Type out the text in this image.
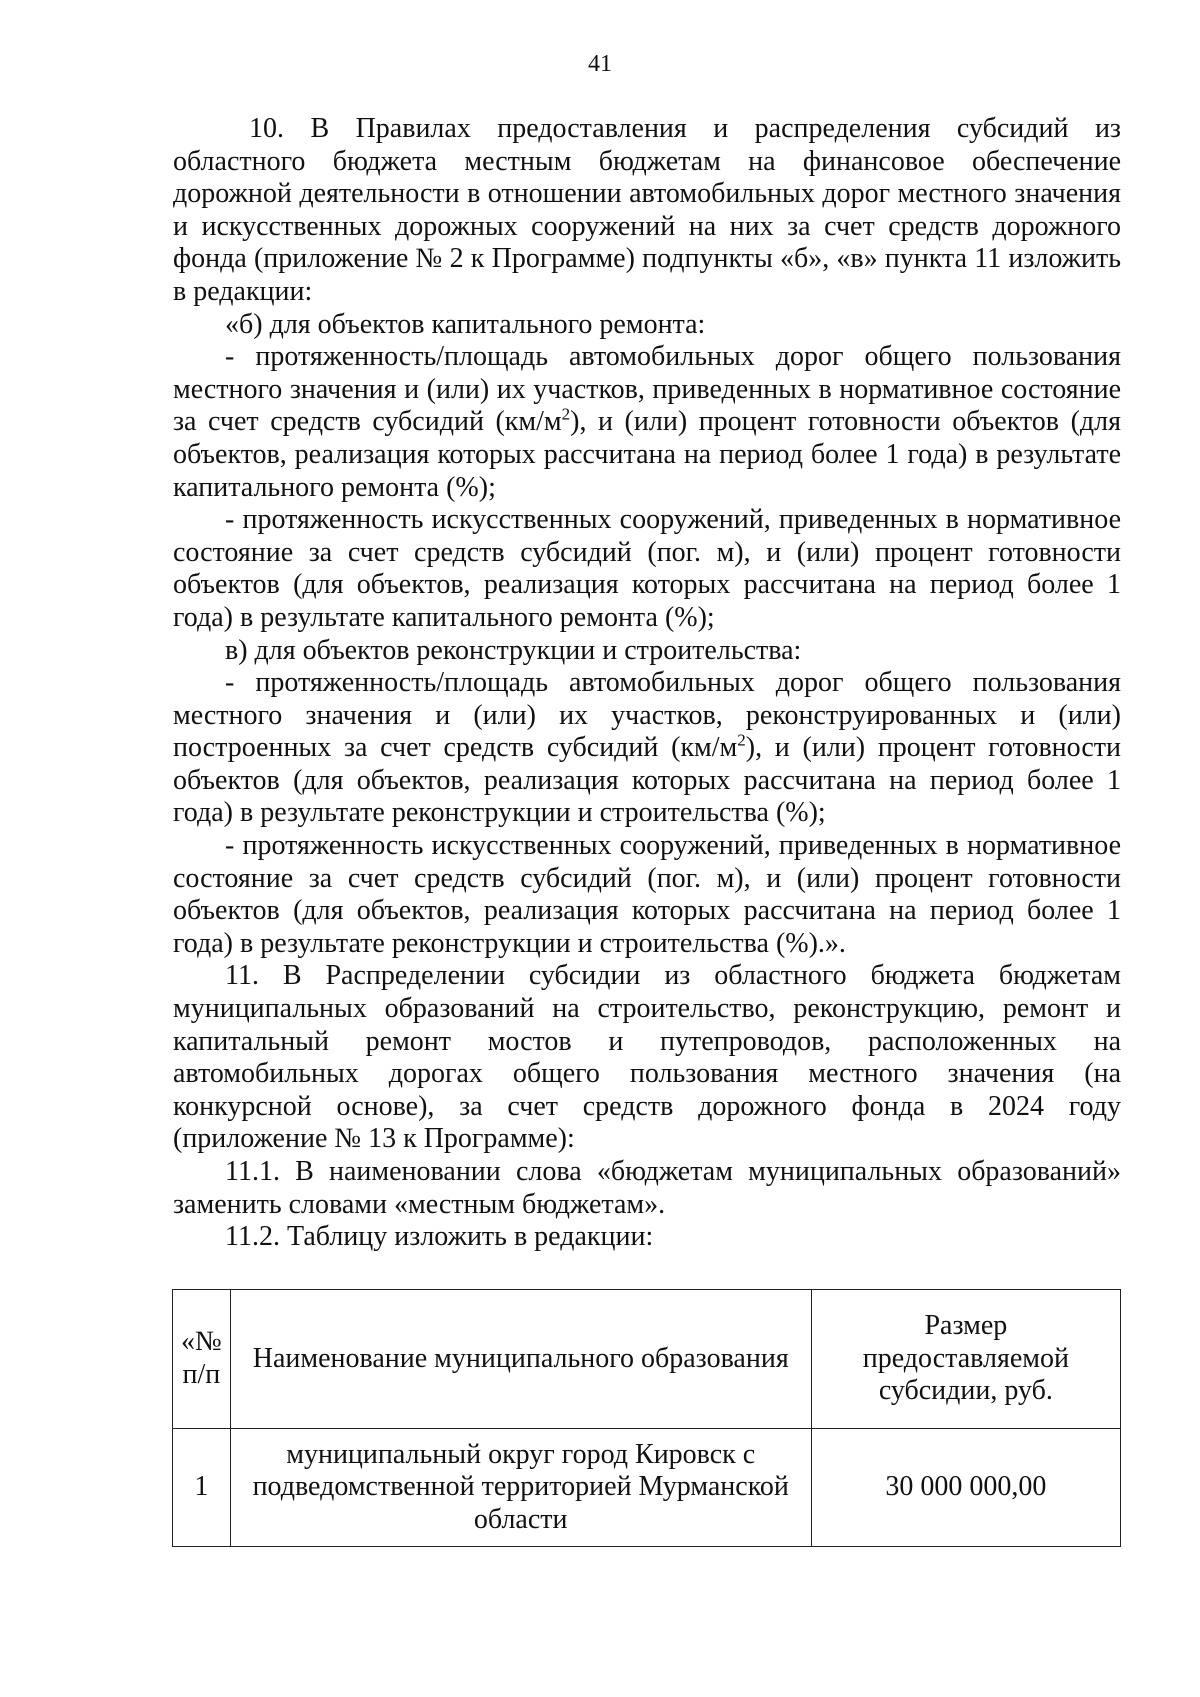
41

10. В Правилах предоставления и распределения субсидий из областного бюджета местным бюджетам на финансовое обеспечение дорожной деятельности в отношении автомобильных дорог местного значения и искусственных дорожных сооружений на них за счет средств дорожного фонда (приложение № 2 к Программе) подпункты «б», «в» пункта 11 изложить в редакции:

«б) для объектов капитального ремонта:

- протяженность/площадь автомобильных дорог общего пользования местного значения и (или) их участков, приведенных в нормативное состояние за счет средств субсидий $(км/м^2)$, и (или) процент готовности объектов (для объектов, реализация которых рассчитана на период более 1 года) в результате капитального ремонта (%);

- протяженность искусственных сооружений, приведенных в нормативное состояние за счет средств субсидий (пог. м), и (или) процент готовности объектов (для объектов, реализация которых рассчитана на период более 1 года) в результате капитального ремонта (%);

в) для объектов реконструкции и строительства:

- протяженность/площадь автомобильных дорог общего пользования местного значения и (или) их участков, реконструированных и (или) построенных за счет средств субсидий $(км/м^2)$, и (или) процент готовности объектов (для объектов, реализация которых рассчитана на период более 1 года) в результате реконструкции и строительства (%);

- протяженность искусственных сооружений, приведенных в нормативное состояние за счет средств субсидий (пог. м), и (или) процент готовности объектов (для объектов, реализация которых рассчитана на период более 1 года) в результате реконструкции и строительства (%).».

11. В Распределении субсидии из областного бюджета бюджетам муниципальных образований на строительство, реконструкцию, ремонт и капитальный ремонт мостов и путепроводов, расположенных на автомобильных дорогах общего пользования местного значения (на конкурсной основе), за счет средств дорожного фонда в 2024 году (приложение № 13 к Программе):

11.1. В наименовании слова «бюджетам муниципальных образований» заменить словами «местным бюджетам».

11.2. Таблицу изложить в редакции:

«№ п/п	Наименование муниципального образования	Размер предоставляемой субсидии, руб.
1	муниципальный округ город Кировск с подведомственной территорией Мурманской области	30 000 000,00
